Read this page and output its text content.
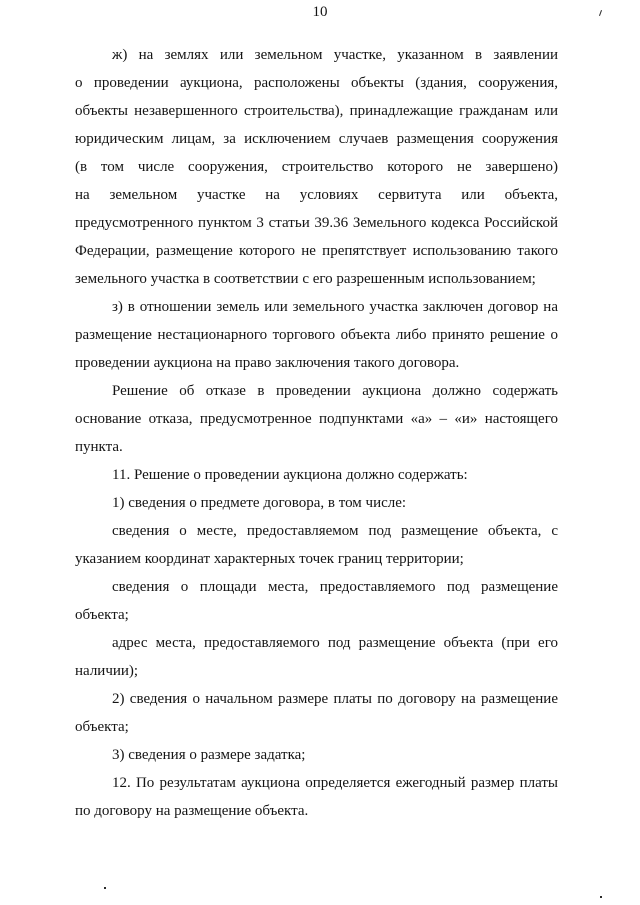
10
ж) на землях или земельном участке, указанном в заявлении
о проведении аукциона, расположены объекты (здания, сооружения,
объекты незавершенного строительства), принадлежащие гражданам или
юридическим лицам, за исключением случаев размещения сооружения
(в том числе сооружения, строительство которого не завершено)
на земельном участке на условиях сервитута или объекта,
предусмотренного пунктом 3 статьи 39.36 Земельного кодекса Российской
Федерации, размещение которого не препятствует использованию такого
земельного участка в соответствии с его разрешенным использованием;
з) в отношении земель или земельного участка заключен договор на
размещение нестационарного торгового объекта либо принято решение о
проведении аукциона на право заключения такого договора.
Решение об отказе в проведении аукциона должно содержать
основание отказа, предусмотренное подпунктами «а» – «и» настоящего
пункта.
11. Решение о проведении аукциона должно содержать:
1) сведения о предмете договора, в том числе:
сведения о месте, предоставляемом под размещение объекта, с
указанием координат характерных точек границ территории;
сведения о площади места, предоставляемого под размещение
объекта;
адрес места, предоставляемого под размещение объекта (при его
наличии);
2) сведения о начальном размере платы по договору на размещение
объекта;
3) сведения о размере задатка;
12. По результатам аукциона определяется ежегодный размер платы
по договору на размещение объекта.
